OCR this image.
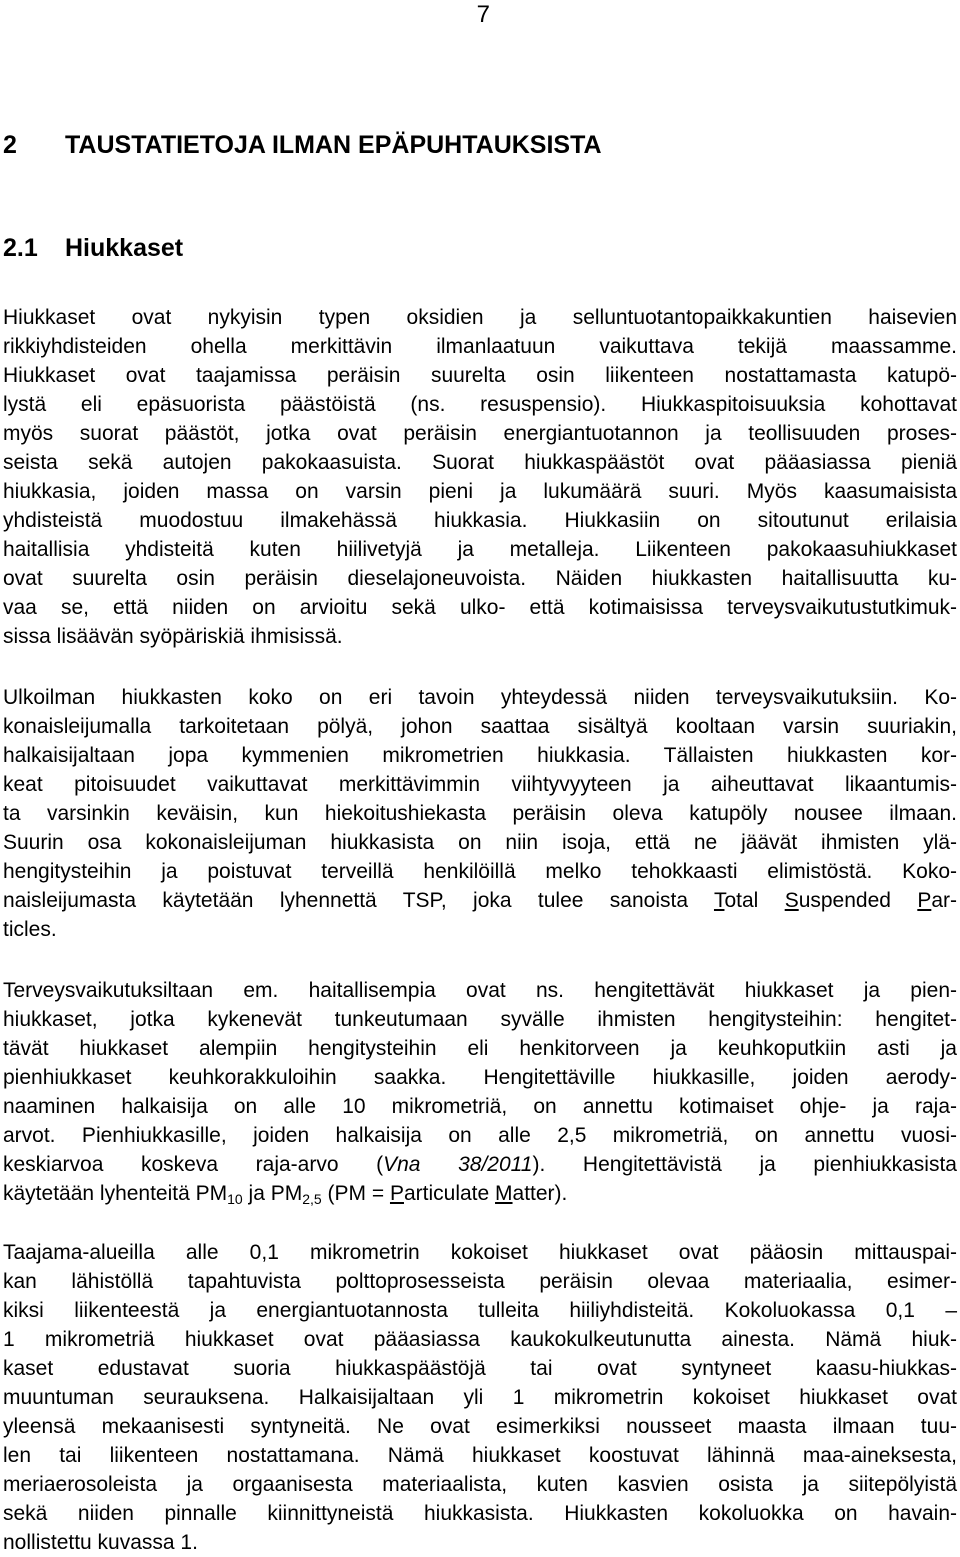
7
2 TAUSTATIETOJA ILMAN EPÄPUHTAUKSISTA
2.1 Hiukkaset
Hiukkaset ovat nykyisin typen oksidien ja selluntuotantopaikkakuntien haisevien
rikkiyhdisteiden ohella merkittävin ilmanlaatuun vaikuttava tekijä maassamme.
Hiukkaset ovat taajamissa peräisin suurelta osin liikenteen nostattamasta katupö-
lystä eli epäsuorista päästöistä (ns. resuspensio). Hiukkaspitoisuuksia kohottavat
myös suorat päästöt, jotka ovat peräisin energiantuotannon ja teollisuuden proses-
seista sekä autojen pakokaasuista. Suorat hiukkaspäästöt ovat pääasiassa pieniä
hiukkasia, joiden massa on varsin pieni ja lukumäärä suuri. Myös kaasumaisista
yhdisteistä muodostuu ilmakehässä hiukkasia. Hiukkasiin on sitoutunut erilaisia
haitallisia yhdisteitä kuten hiilivetyjä ja metalleja. Liikenteen pakokaasuhiukkaset
ovat suurelta osin peräisin dieselajoneuvoista. Näiden hiukkasten haitallisuutta ku-
vaa se, että niiden on arvioitu sekä ulko- että kotimaisissa terveysvaikutustutkimuk-
sissa lisäävän syöpäriskiä ihmisissä.
Ulkoilman hiukkasten koko on eri tavoin yhteydessä niiden terveysvaikutuksiin. Ko-
konaisleijumalla tarkoitetaan pölyä, johon saattaa sisältyä kooltaan varsin suuriakin,
halkaisijaltaan jopa kymmenien mikrometrien hiukkasia. Tällaisten hiukkasten kor-
keat pitoisuudet vaikuttavat merkittävimmin viihtyvyyteen ja aiheuttavat likaantumis-
ta varsinkin keväisin, kun hiekoitushiekasta peräisin oleva katupöly nousee ilmaan.
Suurin osa kokonaisleijuman hiukkasista on niin isoja, että ne jäävät ihmisten ylä-
hengitysteihin ja poistuvat terveillä henkilöillä melko tehokkaasti elimistöstä. Koko-
naisleijumasta käytetään lyhennettä TSP, joka tulee sanoista Total Suspended Par-
ticles.
Terveysvaikutuksiltaan em. haitallisempia ovat ns. hengitettävät hiukkaset ja pien-
hiukkaset, jotka kykenevät tunkeutumaan syvälle ihmisten hengitysteihin: hengitet-
tävät hiukkaset alempiin hengitysteihin eli henkitorveen ja keuhkoputkiin asti ja
pienhiukkaset keuhkorakkuloihin saakka. Hengitettäville hiukkasille, joiden aerody-
naaminen halkaisija on alle 10 mikrometriä, on annettu kotimaiset ohje- ja raja-
arvot. Pienhiukkasille, joiden halkaisija on alle 2,5 mikrometriä, on annettu vuosi-
keskiarvoa koskeva raja-arvo (Vna 38/2011). Hengitettävistä ja pienhiukkasista
käytetään lyhenteitä $PM_{10}$ ja $PM_{2,5}$ (PM = Particulate Matter).
Taajama-alueilla alle 0,1 mikrometrin kokoiset hiukkaset ovat pääosin mittauspai-
kan lähistöllä tapahtuvista polttoprosesseista peräisin olevaa materiaalia, esimer-
kiksi liikenteestä ja energiantuotannosta tulleita hiiliyhdisteitä. Kokoluokassa 0,1 –
1 mikrometriä hiukkaset ovat pääasiassa kaukokulkeutunutta ainesta. Nämä hiuk-
kaset edustavat suoria hiukkaspäästöjä tai ovat syntyneet kaasu-hiukkas-
muuntuman seurauksena. Halkaisijaltaan yli 1 mikrometrin kokoiset hiukkaset ovat
yleensä mekaanisesti syntyneitä. Ne ovat esimerkiksi nousseet maasta ilmaan tuu-
len tai liikenteen nostattamana. Nämä hiukkaset koostuvat lähinnä maa-aineksesta,
meriaerosoleista ja orgaanisesta materiaalista, kuten kasvien osista ja siitepölyistä
sekä niiden pinnalle kiinnittyneistä hiukkasista. Hiukkasten kokoluokka on havain-
nollistettu kuvassa 1.
